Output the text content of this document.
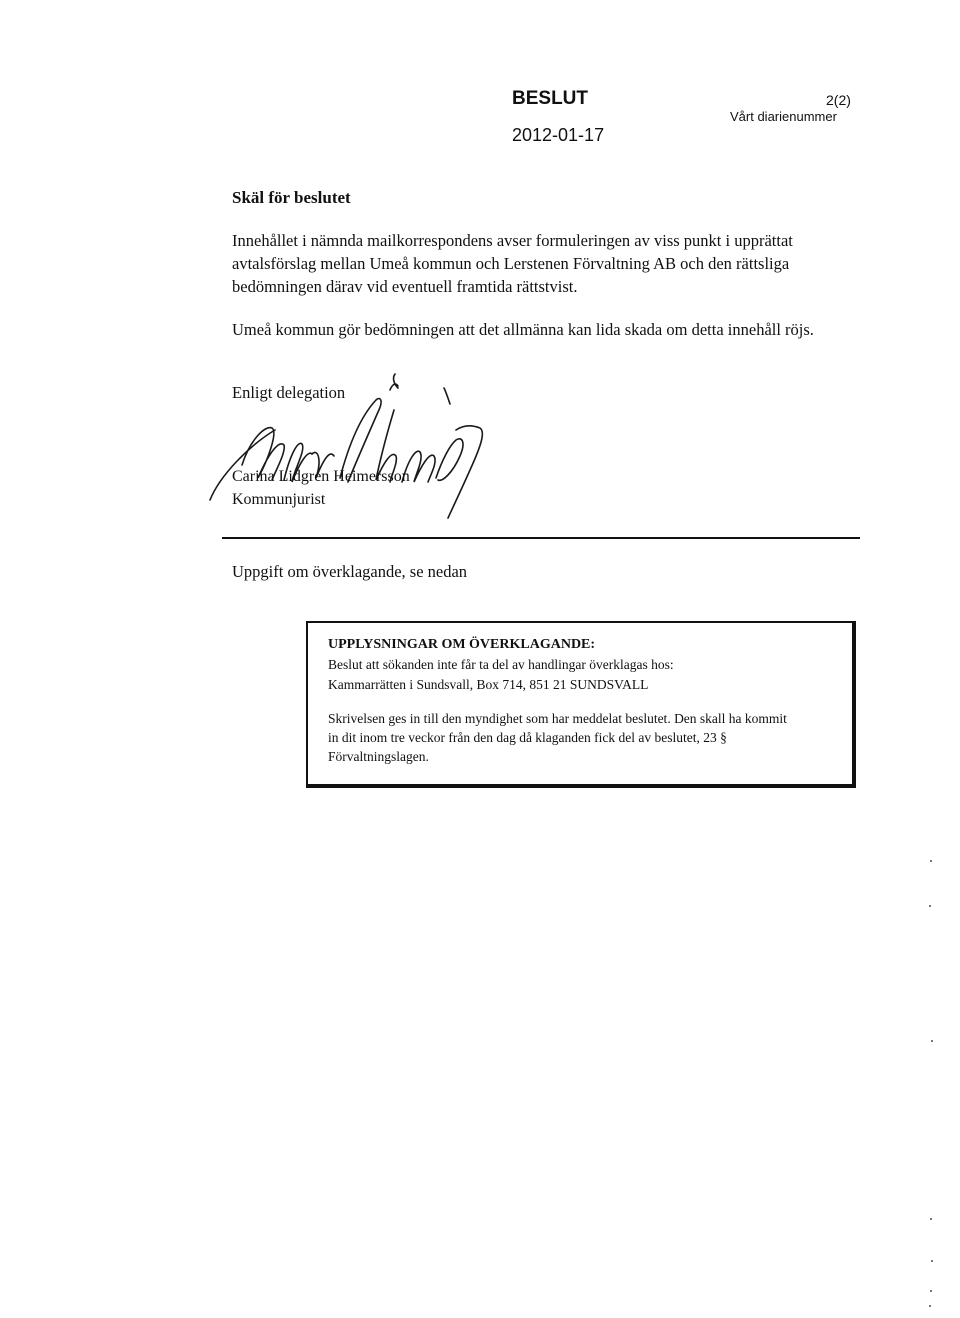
BESLUT	2(2)
Vårt diarienummer
2012-01-17
Skäl för beslutet

Innehållet i nämnda mailkorrespondens avser formuleringen av viss punkt i upprättat avtalsförslag mellan Umeå kommun och Lerstenen Förvaltning AB och den rättsliga bedömningen därav vid eventuell framtida rättstvist.

Umeå kommun gör bedömningen att det allmänna kan lida skada om detta innehåll röjs.

Enligt delegation
Carina Lidgren Heimersson
Kommunjurist
Uppgift om överklagande, se nedan
UPPLYSNINGAR OM ÖVERKLAGANDE:
Beslut att sökanden inte får ta del av handlingar överklagas hos:
Kammarrätten i Sundsvall, Box 714, 851 21 SUNDSVALL
Skrivelsen ges in till den myndighet som har meddelat beslutet. Den skall ha kommit
in dit inom tre veckor från den dag då klaganden fick del av beslutet, 23 §
Förvaltningslagen.
